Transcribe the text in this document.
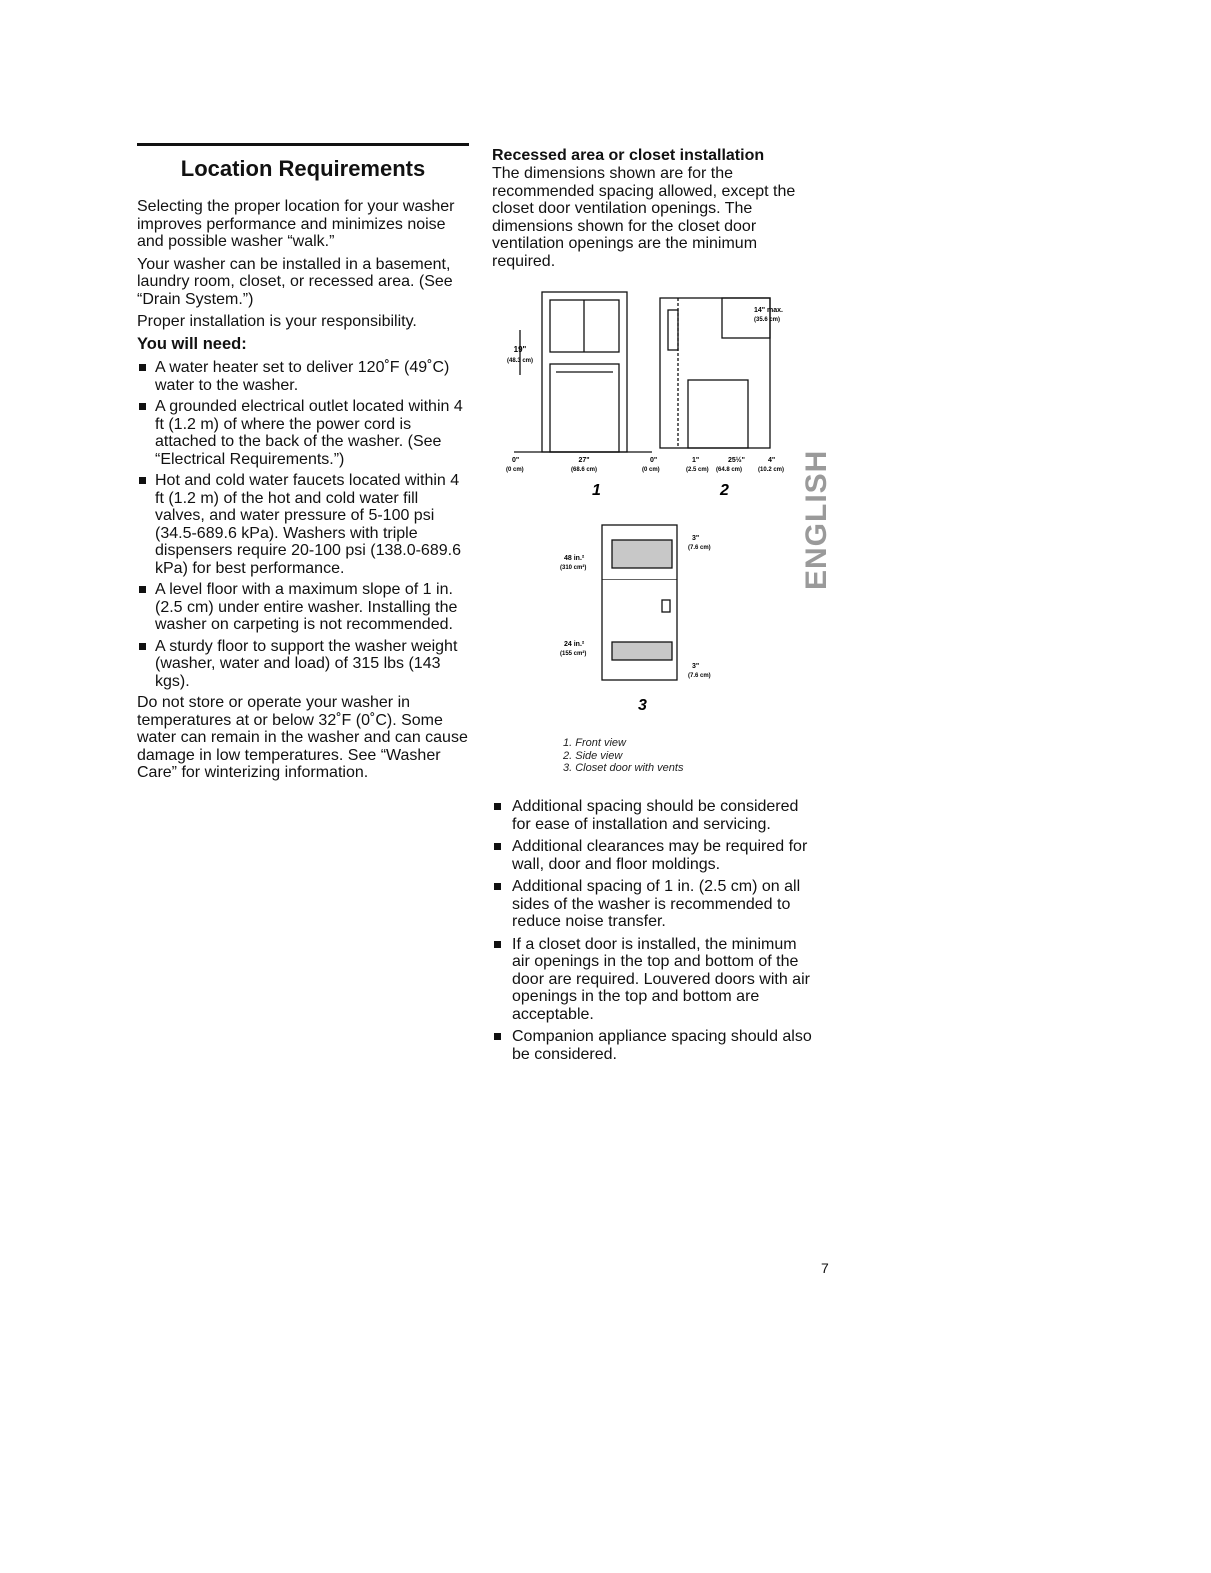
Location Requirements

Selecting the proper location for your washer improves performance and minimizes noise and possible washer “walk.”

Your washer can be installed in a basement, laundry room, closet, or recessed area. (See “Drain System.”)

Proper installation is your responsibility.

You will need:
A water heater set to deliver 120˚F (49˚C) water to the washer.
A grounded electrical outlet located within 4 ft (1.2 m) of where the power cord is attached to the back of the washer. (See “Electrical Requirements.”)
Hot and cold water faucets located within 4 ft (1.2 m) of the hot and cold water fill valves, and water pressure of 5-100 psi (34.5-689.6 kPa). Washers with triple dispensers require 20-100 psi (138.0-689.6 kPa) for best performance.
A level floor with a maximum slope of 1 in. (2.5 cm) under entire washer. Installing the washer on carpeting is not recommended.
A sturdy floor to support the washer weight (washer, water and load) of 315 lbs (143 kgs).

Do not store or operate your washer in temperatures at or below 32˚F (0˚C). Some water can remain in the washer and can cause damage in low temperatures. See “Washer Care” for winterizing information.

Recessed area or closet installation

The dimensions shown are for the recommended spacing allowed, except the closet door ventilation openings. The dimensions shown for the closet door ventilation openings are the minimum required.

19"
(48.3 cm)
0"
(0 cm)
27"
(68.6 cm)
0"
(0 cm)
1
14" max.
(35.6 cm)
1"
(2.5 cm)
25½"
(64.8 cm)
4"
(10.2 cm)
2
48 in.²
(310 cm²)
3"
(7.6 cm)
24 in.²
(155 cm²)
3"
(7.6 cm)
3
1. Front view
2. Side view
3. Closet door with vents
Additional spacing should be considered for ease of installation and servicing.
Additional clearances may be required for wall, door and floor moldings.
Additional spacing of 1 in. (2.5 cm) on all sides of the washer is recommended to reduce noise transfer.
If a closet door is installed, the minimum air openings in the top and bottom of the door are required. Louvered doors with air openings in the top and bottom are acceptable.
Companion appliance spacing should also be considered.
ENGLISH
7
